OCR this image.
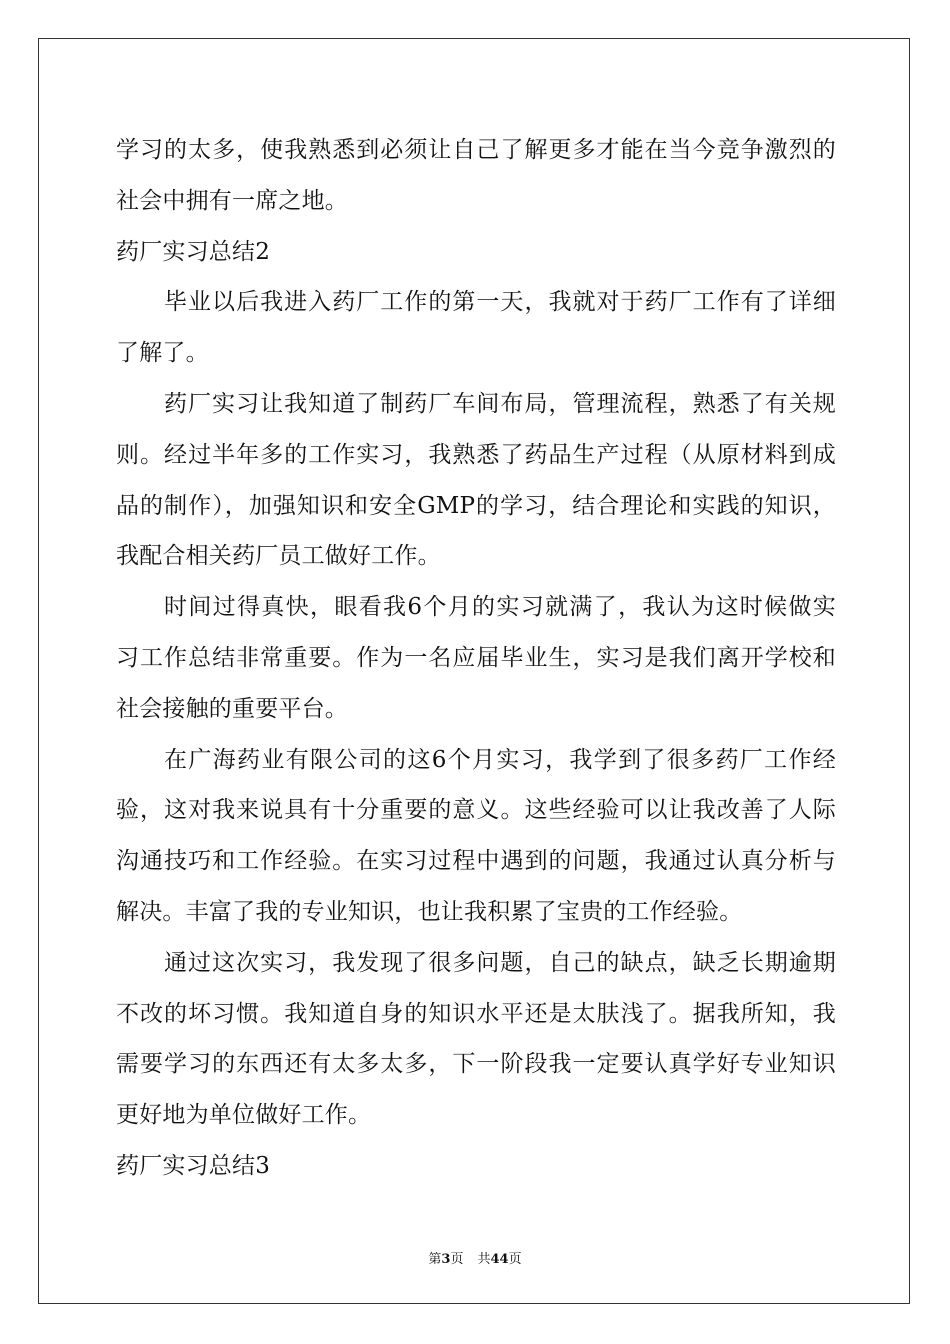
学习的太多，使我熟悉到必须让自己了解更多才能在当今竞争激烈的
社会中拥有一席之地。
药厂实习总结2
毕业以后我进入药厂工作的第一天，我就对于药厂工作有了详细
了解了。
药厂实习让我知道了制药厂车间布局，管理流程，熟悉了有关规
则。经过半年多的工作实习，我熟悉了药品生产过程（从原材料到成
品的制作），加强知识和安全GMP的学习，结合理论和实践的知识，
我配合相关药厂员工做好工作。
时间过得真快，眼看我6个月的实习就满了，我认为这时候做实
习工作总结非常重要。作为一名应届毕业生，实习是我们离开学校和
社会接触的重要平台。
在广海药业有限公司的这6个月实习，我学到了很多药厂工作经
验，这对我来说具有十分重要的意义。这些经验可以让我改善了人际
沟通技巧和工作经验。在实习过程中遇到的问题，我通过认真分析与
解决。丰富了我的专业知识，也让我积累了宝贵的工作经验。
通过这次实习，我发现了很多问题，自己的缺点，缺乏长期逾期
不改的坏习惯。我知道自身的知识水平还是太肤浅了。据我所知，我
需要学习的东西还有太多太多，下一阶段我一定要认真学好专业知识
更好地为单位做好工作。
药厂实习总结3
第3页 共44页
